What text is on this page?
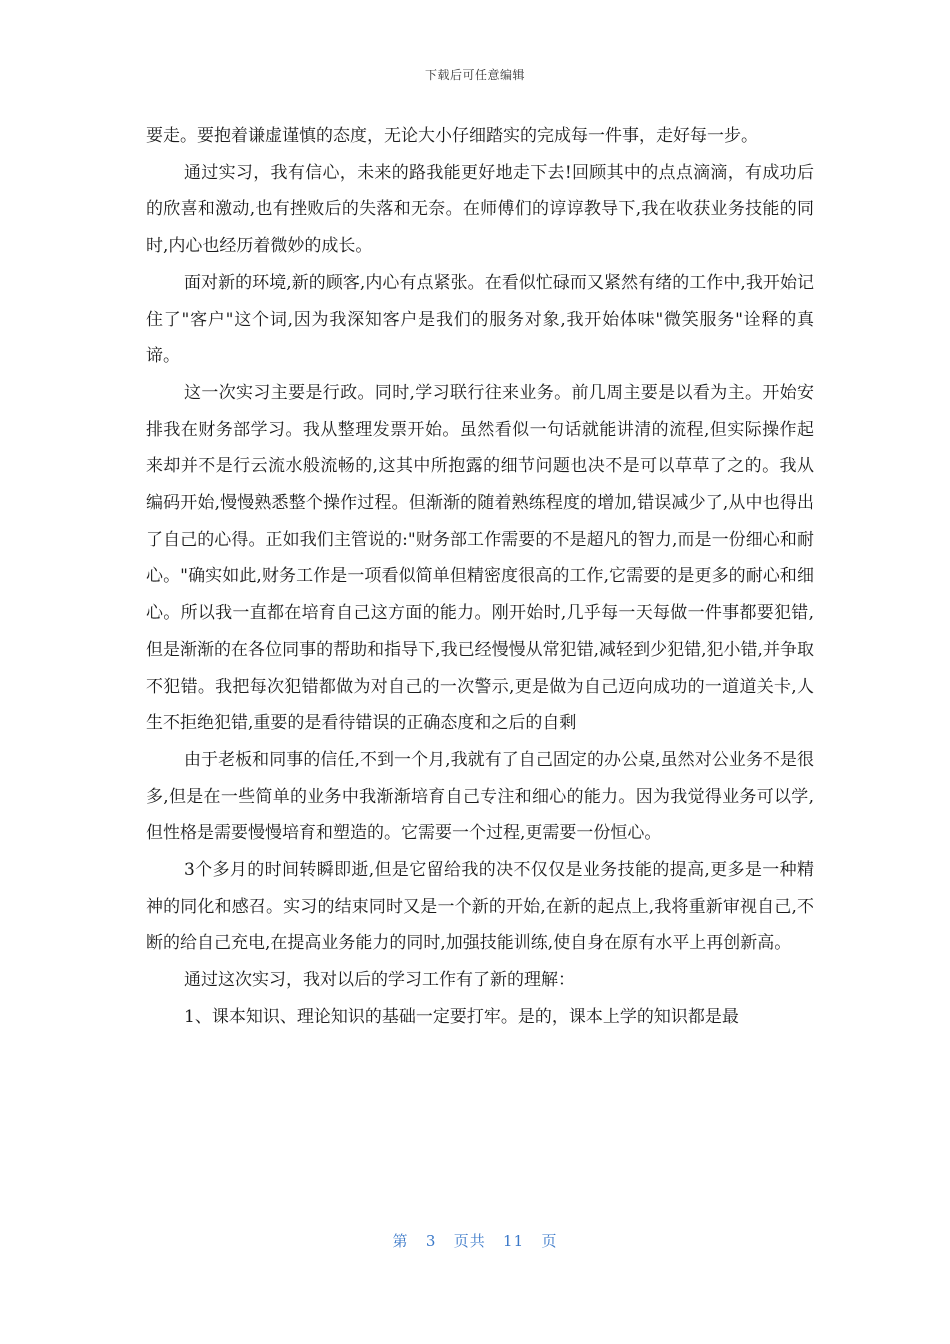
下载后可任意编辑

要走。要抱着谦虚谨慎的态度，无论大小仔细踏实的完成每一件事，走好每一步。

通过实习，我有信心，未来的路我能更好地走下去!回顾其中的点点滴滴，有成功后的欣喜和激动,也有挫败后的失落和无奈。在师傅们的谆谆教导下,我在收获业务技能的同时,内心也经历着微妙的成长。

面对新的环境,新的顾客,内心有点紧张。在看似忙碌而又紧然有绪的工作中,我开始记住了"客户"这个词,因为我深知客户是我们的服务对象,我开始体味"微笑服务"诠释的真谛。

这一次实习主要是行政。同时,学习联行往来业务。前几周主要是以看为主。开始安排我在财务部学习。我从整理发票开始。虽然看似一句话就能讲清的流程,但实际操作起来却并不是行云流水般流畅的,这其中所抱露的细节问题也决不是可以草草了之的。我从编码开始,慢慢熟悉整个操作过程。但渐渐的随着熟练程度的增加,错误减少了,从中也得出了自己的心得。正如我们主管说的:"财务部工作需要的不是超凡的智力,而是一份细心和耐心。"确实如此,财务工作是一项看似简单但精密度很高的工作,它需要的是更多的耐心和细心。所以我一直都在培育自己这方面的能力。刚开始时,几乎每一天每做一件事都要犯错,但是渐渐的在各位同事的帮助和指导下,我已经慢慢从常犯错,减轻到少犯错,犯小错,并争取不犯错。我把每次犯错都做为对自己的一次警示,更是做为自己迈向成功的一道道关卡,人生不拒绝犯错,重要的是看待错误的正确态度和之后的自剩

由于老板和同事的信任,不到一个月,我就有了自己固定的办公桌,虽然对公业务不是很多,但是在一些简单的业务中我渐渐培育自己专注和细心的能力。因为我觉得业务可以学,但性格是需要慢慢培育和塑造的。它需要一个过程,更需要一份恒心。

3个多月的时间转瞬即逝,但是它留给我的决不仅仅是业务技能的提高,更多是一种精神的同化和感召。实习的结束同时又是一个新的开始,在新的起点上,我将重新审视自己,不断的给自己充电,在提高业务能力的同时,加强技能训练,使自身在原有水平上再创新高。

通过这次实习，我对以后的学习工作有了新的理解：

1、课本知识、理论知识的基础一定要打牢。是的，课本上学的知识都是最

第 3 页共 11 页
